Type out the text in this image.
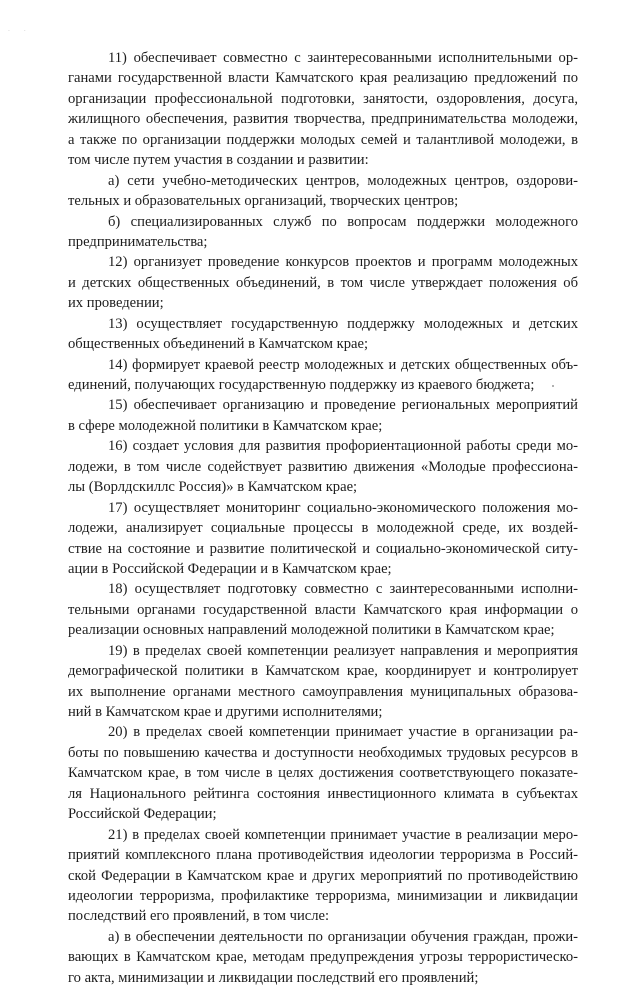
· ·
11) обеспечивает совместно с заинтересованными исполнительными ор-
ганами государственной власти Камчатского края реализацию предложений по
организации профессиональной подготовки, занятости, оздоровления, досуга,
жилищного обеспечения, развития творчества, предпринимательства молодежи,
а также по организации поддержки молодых семей и талантливой молодежи, в
том числе путем участия в создании и развитии:
а) сети учебно-методических центров, молодежных центров, оздорови-
тельных и образовательных организаций, творческих центров;
б) специализированных служб по вопросам поддержки молодежного
предпринимательства;
12) организует проведение конкурсов проектов и программ молодежных
и детских общественных объединений, в том числе утверждает положения об
их проведении;
13) осуществляет государственную поддержку молодежных и детских
общественных объединений в Камчатском крае;
14) формирует краевой реестр молодежных и детских общественных объ-
единений, получающих государственную поддержку из краевого бюджета;
15) обеспечивает организацию и проведение региональных мероприятий
в сфере молодежной политики в Камчатском крае;
16) создает условия для развития профориентационной работы среди мо-
лодежи, в том числе содействует развитию движения «Молодые профессиона-
лы (Ворлдскиллс Россия)» в Камчатском крае;
17) осуществляет мониторинг социально-экономического положения мо-
лодежи, анализирует социальные процессы в молодежной среде, их воздей-
ствие на состояние и развитие политической и социально-экономической ситу-
ации в Российской Федерации и в Камчатском крае;
18) осуществляет подготовку совместно с заинтересованными исполни-
тельными органами государственной власти Камчатского края информации о
реализации основных направлений молодежной политики в Камчатском крае;
19) в пределах своей компетенции реализует направления и мероприятия
демографической политики в Камчатском крае, координирует и контролирует
их выполнение органами местного самоуправления муниципальных образова-
ний в Камчатском крае и другими исполнителями;
20) в пределах своей компетенции принимает участие в организации ра-
боты по повышению качества и доступности необходимых трудовых ресурсов в
Камчатском крае, в том числе в целях достижения соответствующего показате-
ля Национального рейтинга состояния инвестиционного климата в субъектах
Российской Федерации;
21) в пределах своей компетенции принимает участие в реализации меро-
приятий комплексного плана противодействия идеологии терроризма в Россий-
ской Федерации в Камчатском крае и других мероприятий по противодействию
идеологии терроризма, профилактике терроризма, минимизации и ликвидации
последствий его проявлений, в том числе:
а) в обеспечении деятельности по организации обучения граждан, прожи-
вающих в Камчатском крае, методам предупреждения угрозы террористическо-
го акта, минимизации и ликвидации последствий его проявлений;
